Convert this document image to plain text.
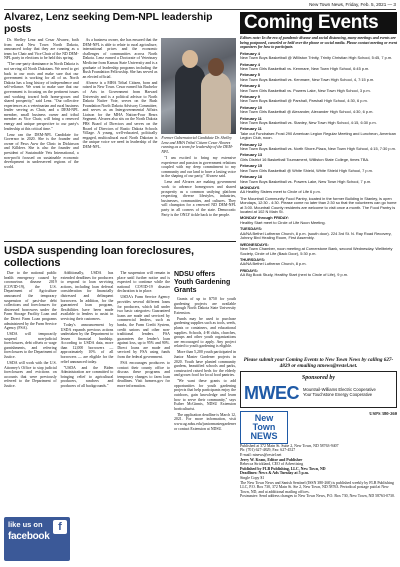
New Town News, Friday, Feb. 5, 2021 — 3
Alvarez, Lenz seeking Dem-NPL leadership posts

Dr. Shelley Lenz and Cesar Alvarez, both from rural New Town North Dakota, announced today that they are running as a team for Chair and Vice Chair of the ND DEM-NPL party in elections to be held this spring.

"The one-party dominance in North Dakota is not serving all North Dakotans. We need to get back to our roots and make sure that our government is working for all of us. North Dakota has a long history of independence and self-reliance. We want to make sure that our government is focusing on the pertinent issues and working toward both home-grown and shared prosperity," said Lenz. "Our collective experiences as a veterinarian and rural business leader serving as Chair, and a DEM-NPL member, small business owner and tribal member as Vice Chair, will bring a renewed energy and unique perspective to our party's leadership at this critical time."

Lenz ran the DEM-NPL Candidate for Governor in 2020. She is the founder and owner of Paws Aww the Clinic in Dickinson and Killdeer. She is also the founder and president of Sustainable Vets International, a non-profit focused on sustainable economic development in underserved regions of the world.

As a business owner, she has ensured that the DEM-NPL is able to relate to rural agriculture, international prices and the economic challenges of communities across North Dakota. Lenz earned a Doctorate of Veterinary Medicine from Kansas State University and is a graduate of leadership programs including the Bush Foundation Fellowship. She has served as an elected official.

Alvarez is a MHA Tribal Citizen, born and raised in New Town. Cesar earned his Bachelor of Arts in Government from Harvard University and is a political advisor to North Dakota Native Vote, serves on the Bush Foundation North Dakota Advisory Committee, and serves as an Intergovernmental Affairs Liaison for the MHA Nation-Four Bears Segment. Alvarez also sits on the North Dakota PBS Board of Directors and serves on the Board of Directors of Rustic Dakota Schools Village. A young, well-educated, politically engaged, multicultural rural North Dakotan is the unique voice we need in leadership of the DEM-NPL.

Former Gubernatorial Candidate Dr. Shelley Lenz and MHA Tribal Citizen Cesar Alvarez running as a team for leadership of the DEM-NPL.

"I am excited to bring my extensive experience and passion in government relations coupled with my deep commitment to my community and our land to have a lasting voice in the shaping of our party," Alvarez said.

Lenz and Alvarez are making government work to advance homegrown and shared prosperity as a common unifying platform respecting diverse lifestyles, industries, businesses, communities, and cultures. They will champion for a renewed ND DEM-NPL party in all corners of the state. Democratic Party is the ONLY tickle back to the people.

USDA suspending loan foreclosures, collections

Due to the national public health emergency caused by coronavirus disease 2019 (COVID-19), the U.S. Department of Agriculture announced the temporary suspension of past-due debt collections and foreclosures for distressed borrowers under the Farm Storage Facility Loan and the Direct Farm Loan programs administered by the Farm Service Agency (FSA).

USDA will temporarily suspend non-judicial foreclosures, debt offsets or wage garnishments, and referring foreclosures to the Department of Justice.

USDA will work with the U.S. Attorney's Office to stop judicial foreclosures and evictions on accounts that were previously referred to the Department of Justice.

Additionally, USDA has extended deadlines for producers to respond to loan servicing actions, including loan deferral consideration for financially distressed and delinquent borrowers. In addition, for the guaranteed loan program, flexibilities have been made available to lenders to assist in servicing their customers.

Today's announcement by USDA expands previous actions undertaken by the Department to lessen financial hardship. According to USDA data, more than 12,000 borrowers — approximately 10% of all borrowers — are eligible for the relief announced today.

"USDA and the Biden Administration are committed to bringing relief to agricultural producers, ranchers and producers of all backgrounds."

The suspension will remain in place until further notice and is expected to continue while the national COVID-19 disaster declaration is in place.

USDA's Farm Service Agency provides several different loans for producers, which fall under two basic categories: Guaranteed loans are made and serviced by commercial lenders, such as banks, the Farm Credit System, credit unions and other non-traditional lenders. FSA guarantees the lender's loan against loss, up to 95% and 90%. Direct loans are made and serviced by FSA using funds from the federal government.

FSA encourages producers to contact their county office to discuss these programs and temporary changes to farm loan deadlines. Visit farmers.gov for more information.

NDSU offers Youth Gardening Grants

Grants of up to $750 for youth gardening projects are available through North Dakota State University Extension.

Funds may be used to purchase gardening supplies such as tools, seeds, plants or containers, and educational supplies. Schools, 4-H clubs, churches, groups and other youth organizations are encouraged to apply. Any project related to youth gardening is eligible.

More than 5,200 youth participated in Junior Master Gardener projects in 2020. Youth have planted community gardens, beautified schools and parks, constructed raised beds for the elderly and grown food for local food pantries.

"We want these grants to add opportunities for youth gardening projects that help participants enjoy the outdoors, gain knowledge and learn how to serve their community," says Esther McGinnis, NDSU Extension horticulturist.

The application deadline is March 12, 2021. For more information, visit www.ag.ndsu.edu/juniormastergardener or contact Extension at NDSU.

like us on
facebook
f
Coming Events
Editors note: In the era of pandemic disease and social distancing, many meetings and events are being postponed, canceled or held over the phone or social media. Please contact meeting or event organizers for how to participate.
February 4
New Town Boys Basketball @ Williston Trinity, Trinity Christian High School, 5:45, 7 p.m.
February 4
New Town Girls Basketball vs. Kenmare, New Town High School, 6:45 p.m.
February 5
New Town Boys Basketball vs. Kenmare, New Town High School, 4, 7:15 p.m.
February 8
New Town Girls Basketball vs. Powers Lake, New Town High School, 3 p.m.
February 9
New Town Boys Basketball @ Parshall, Parshall High School, 4:30, 6 p.m.
February 10
New Town Girls Basketball @ Alexander, Alexander High School, 4:30, 6 p.m.
February 11
New Town Boys Basketball vs. Stanley, New Town High School, 4:15, 6:30 p.m.
February 11
Take out Fundraiser-Frost 290 American Legion Regular Meeting and Luncheon, American Legion Club, noon.
February 12
New Town Boys Basketball vs. North Shore-Plaza, New Town High School, 4:15, 7:30 p.m.
February 13
Girls District 16 Basketball Tournament, Williston State College, times TBA.
February 15
New Town Girls Basketball @ White Shield, White Shield High School, 7 p.m.
February 18
New Town Boys Basketball vs. Powers Lake, New Town High School, 7 p.m.
MONDAYS
AA Healthy Sisters meet to Circle of Life 6 p.m.
The Mountrail Community Food Pantry, located in the former Building in Stanley, is open Mondays, 12:30 - 4:30. Please come no later than 2:30 so that the volunteers can go home at 3:00. Mountrail County residents are welcome to visit once a month. The Food Pantry is located at 102 N Main St.
MONDAY through FRIDAY:
Healthy Start meet to Circle of Life Noon Meeting.
TUESDAYS:
AA/NA Bethel Lutheran Church, 8 p.m. (south door). 224 3rd St. N. Ray Road Recovery, Johnny Bird Healing Room, First Assembly.
WEDNESDAYS:
New Town Chamber, noon meeting at Cornerstone Bank, second Wednesday. Wellbriety Society, Circle of Life (Back Door), 5:30 p.m.
THURSDAYS:
AA/NA Bethel Lutheran Church, 8 p.m.
FRIDAYS:
AA Big Book Study, Healthy Start (next to Circle of Life), 9 p.m.
Please submit your Coming Events to New Town News by calling 627-4829 or emailing ntnews@restel.net.
Sponsored by
MWEC Mountrail-Williams Electric Cooperative
Your Touchstone Energy Cooperative
New Town
NEWS
USPS 380-260
Published at 372 Main St. Suite 2, New Town, ND 58763-9407
Ph: (701) 627-4829, Fax: 627-4527
E-mail: ntnews@restel.net
Jerry W. Kram, Editor and Publisher
Rebecca Strickland, CEO of Advertising
Published by FLB Publishing, LLC, New Town, ND
Deadlines: News & Ads Tuesday at 5 p.m.
Single Copy $1
The New Town News and Sanish Sentinel (ISSN 380-260) is published weekly by FLB Publishing LLC, P.O. Box 730, 372 Main St. Ste 2, New Town, ND 58763. Periodical postage paid at New Town, ND, and at additional mailing offices.
Postmaster: Send address changes to New Town News, P.O. Box 730, New Town, ND 58763-0730.
